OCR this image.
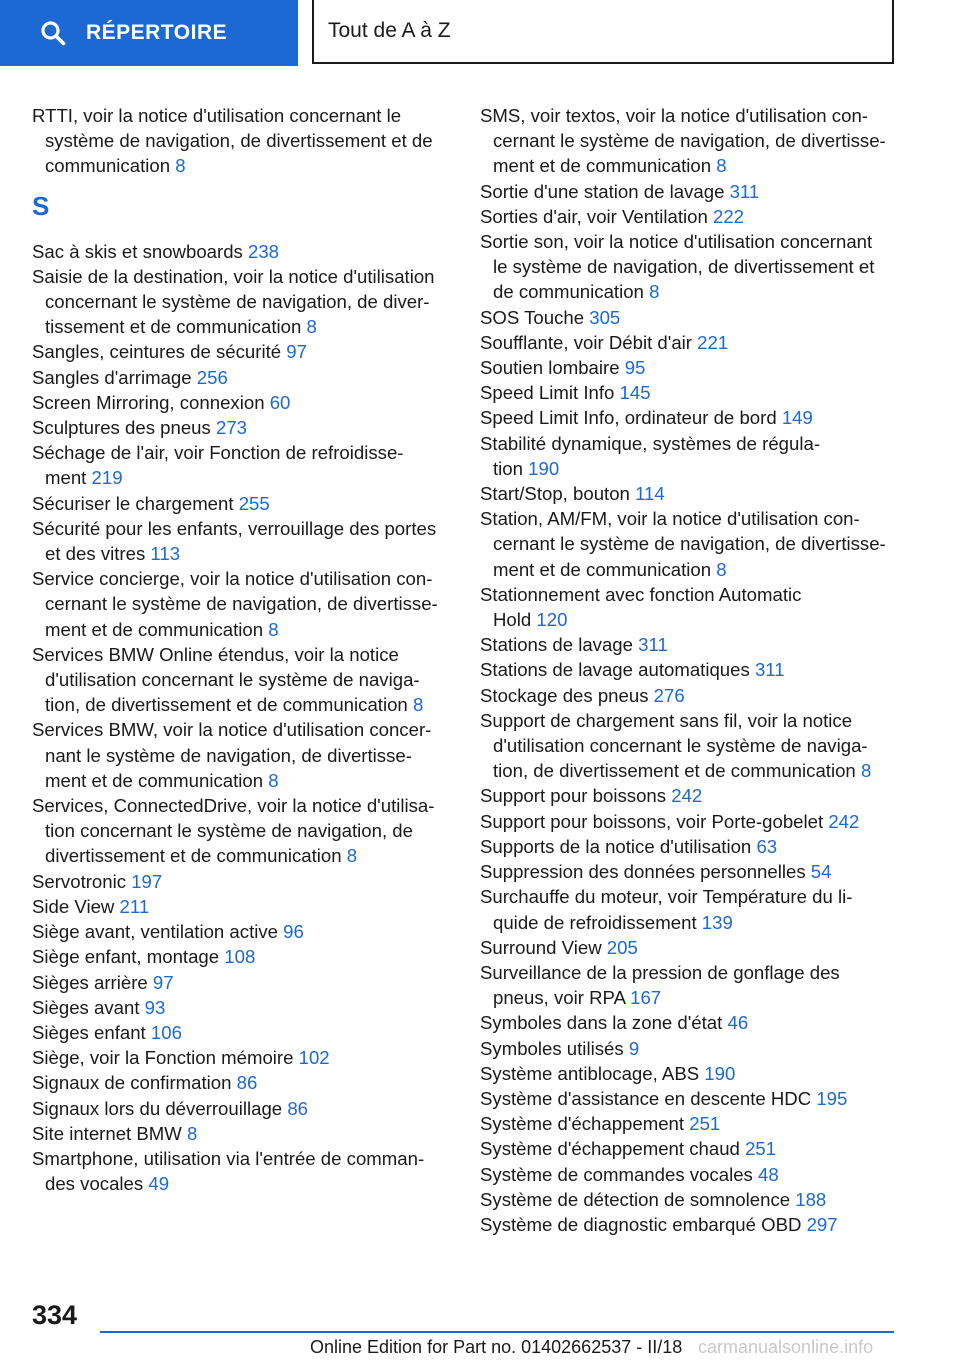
RÉPERTOIRE	Tout de A à Z
RTTI, voir la notice d'utilisation concernant le
système de navigation, de divertissement et de
communication 8
S
Sac à skis et snowboards 238
Saisie de la destination, voir la notice d'utilisation
concernant le système de navigation, de diver‐
tissement et de communication 8
Sangles, ceintures de sécurité 97
Sangles d'arrimage 256
Screen Mirroring, connexion 60
Sculptures des pneus 273
Séchage de l'air, voir Fonction de refroidisse‐
ment 219
Sécuriser le chargement 255
Sécurité pour les enfants, verrouillage des portes
et des vitres 113
Service concierge, voir la notice d'utilisation con‐
cernant le système de navigation, de divertisse‐
ment et de communication 8
Services BMW Online étendus, voir la notice
d'utilisation concernant le système de naviga‐
tion, de divertissement et de communication 8
Services BMW, voir la notice d'utilisation concer‐
nant le système de navigation, de divertisse‐
ment et de communication 8
Services, ConnectedDrive, voir la notice d'utilisa‐
tion concernant le système de navigation, de
divertissement et de communication 8
Servotronic 197
Side View 211
Siège avant, ventilation active 96
Siège enfant, montage 108
Sièges arrière 97
Sièges avant 93
Sièges enfant 106
Siège, voir la Fonction mémoire 102
Signaux de confirmation 86
Signaux lors du déverrouillage 86
Site internet BMW 8
Smartphone, utilisation via l'entrée de comman‐
des vocales 49
SMS, voir textos, voir la notice d'utilisation con‐
cernant le système de navigation, de divertisse‐
ment et de communication 8
Sortie d'une station de lavage 311
Sorties d'air, voir Ventilation 222
Sortie son, voir la notice d'utilisation concernant
le système de navigation, de divertissement et
de communication 8
SOS Touche 305
Soufflante, voir Débit d'air 221
Soutien lombaire 95
Speed Limit Info 145
Speed Limit Info, ordinateur de bord 149
Stabilité dynamique, systèmes de régula‐
tion 190
Start/Stop, bouton 114
Station, AM/FM, voir la notice d'utilisation con‐
cernant le système de navigation, de divertisse‐
ment et de communication 8
Stationnement avec fonction Automatic
Hold 120
Stations de lavage 311
Stations de lavage automatiques 311
Stockage des pneus 276
Support de chargement sans fil, voir la notice
d'utilisation concernant le système de naviga‐
tion, de divertissement et de communication 8
Support pour boissons 242
Support pour boissons, voir Porte-gobelet 242
Supports de la notice d'utilisation 63
Suppression des données personnelles 54
Surchauffe du moteur, voir Température du li‐
quide de refroidissement 139
Surround View 205
Surveillance de la pression de gonflage des
pneus, voir RPA 167
Symboles dans la zone d'état 46
Symboles utilisés 9
Système antiblocage, ABS 190
Système d'assistance en descente HDC 195
Système d'échappement 251
Système d'échappement chaud 251
Système de commandes vocales 48
Système de détection de somnolence 188
Système de diagnostic embarqué OBD 297
334
Online Edition for Part no. 01402662537 - II/18 carmanualsonline.info
